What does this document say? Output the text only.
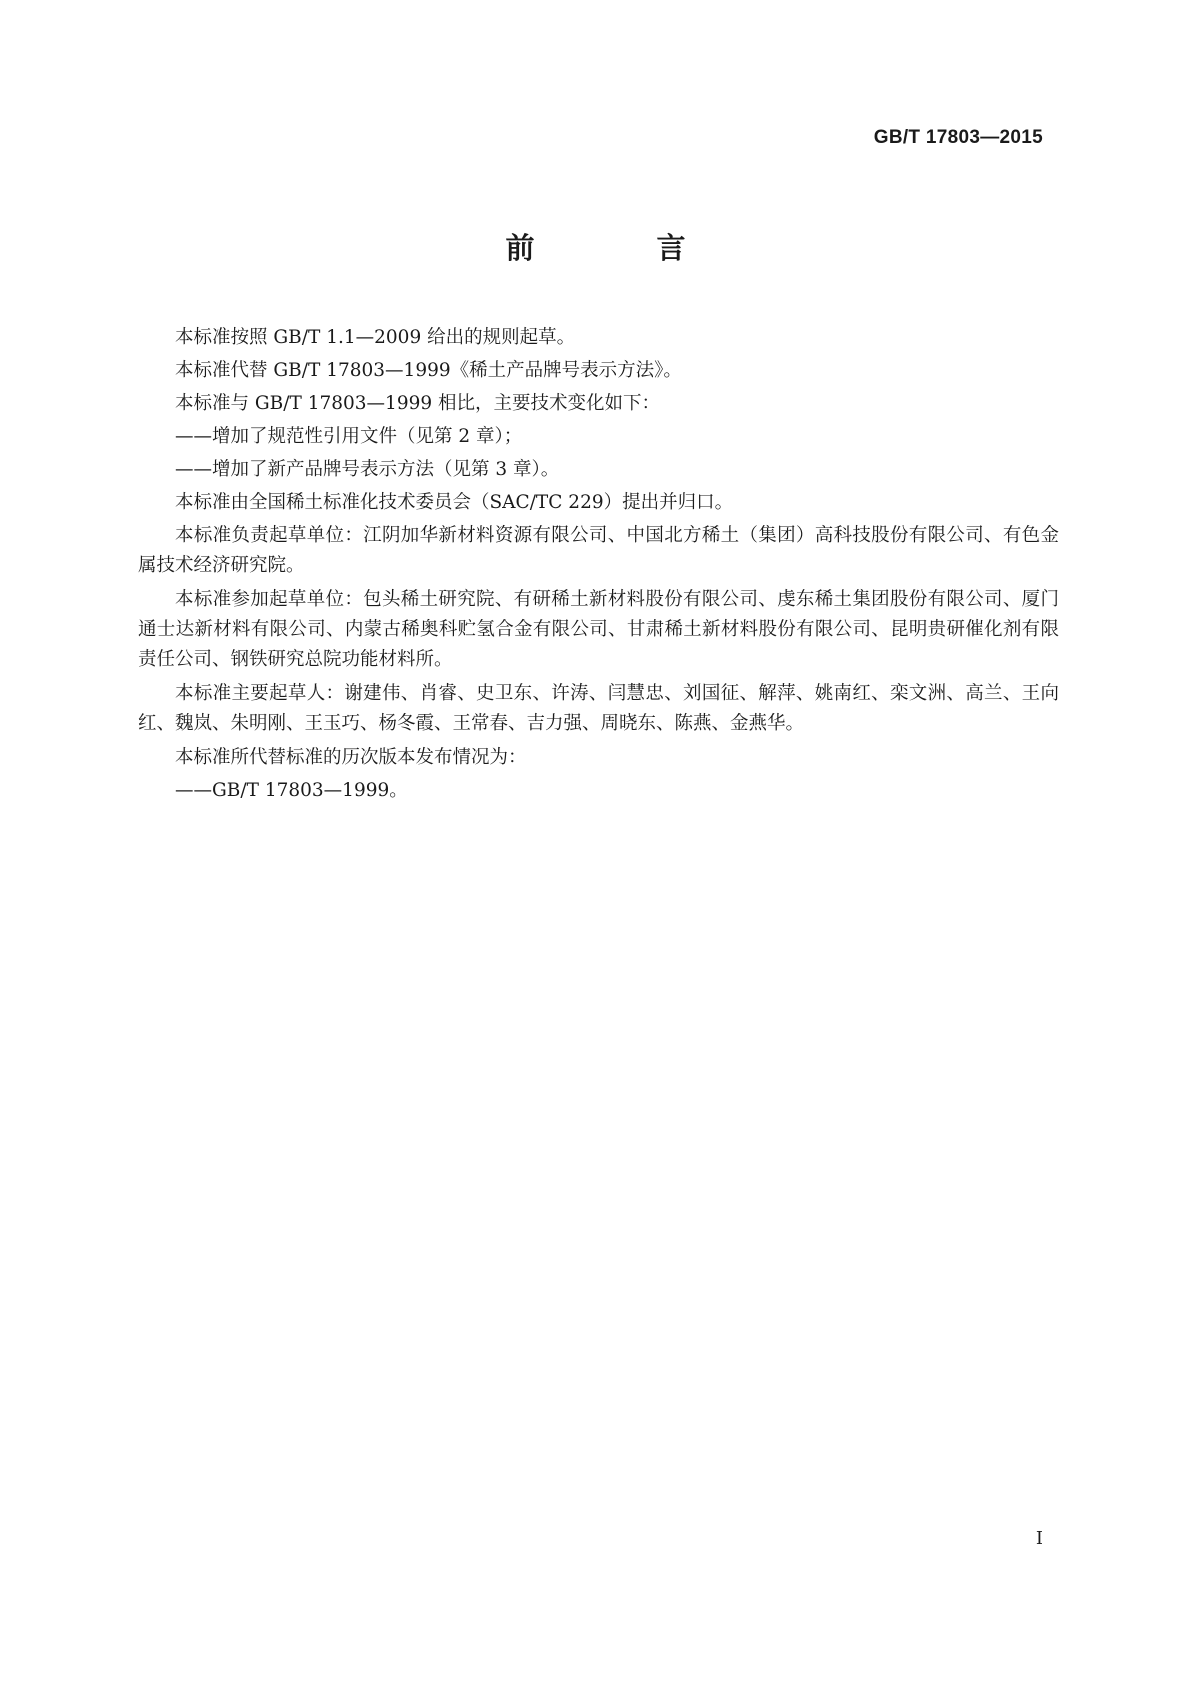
GB/T 17803—2015
前 言

本标准按照 GB/T 1.1—2009 给出的规则起草。

本标准代替 GB/T 17803—1999《稀土产品牌号表示方法》。

本标准与 GB/T 17803—1999 相比，主要技术变化如下：

——增加了规范性引用文件（见第 2 章）；

——增加了新产品牌号表示方法（见第 3 章）。

本标准由全国稀土标准化技术委员会（SAC/TC 229）提出并归口。

本标准负责起草单位：江阴加华新材料资源有限公司、中国北方稀土（集团）高科技股份有限公司、有色金属技术经济研究院。

本标准参加起草单位：包头稀土研究院、有研稀土新材料股份有限公司、虔东稀土集团股份有限公司、厦门通士达新材料有限公司、内蒙古稀奥科贮氢合金有限公司、甘肃稀土新材料股份有限公司、昆明贵研催化剂有限责任公司、钢铁研究总院功能材料所。

本标准主要起草人：谢建伟、肖睿、史卫东、许涛、闫慧忠、刘国征、解萍、姚南红、栾文洲、高兰、王向红、魏岚、朱明刚、王玉巧、杨冬霞、王常春、吉力强、周晓东、陈燕、金燕华。

本标准所代替标准的历次版本发布情况为：

——GB/T 17803—1999。

I
